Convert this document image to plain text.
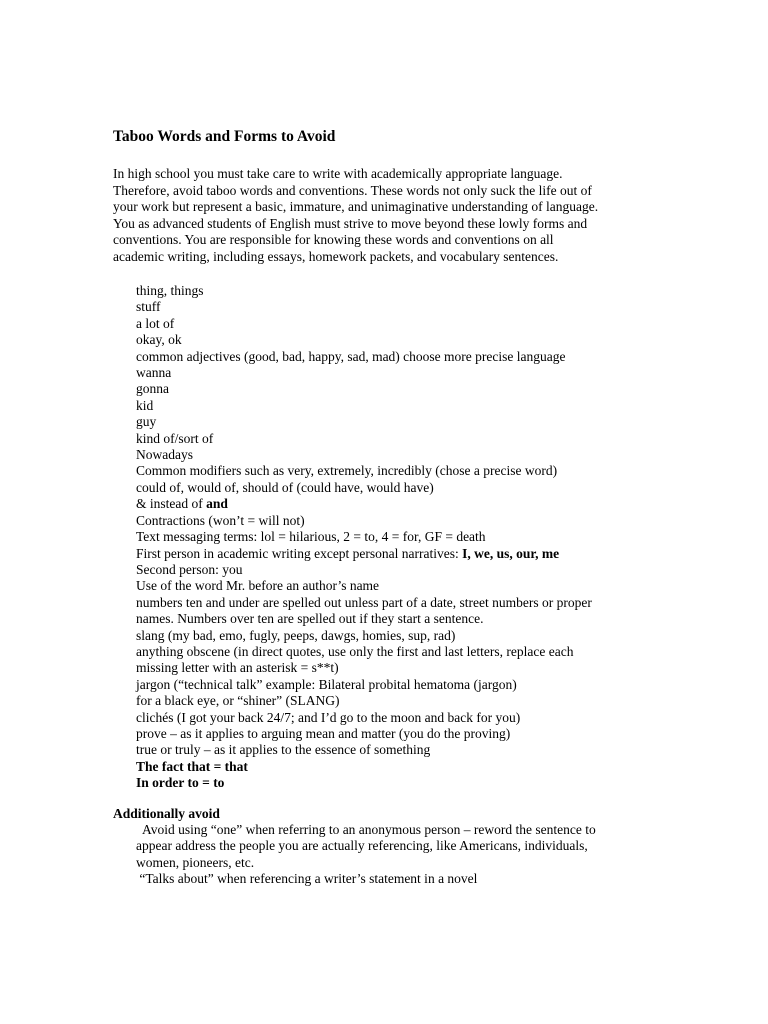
Taboo Words and Forms to Avoid
In high school you must take care to write with academically appropriate language.
Therefore, avoid taboo words and conventions. These words not only suck the life out of
your work but represent a basic, immature, and unimaginative understanding of language.
You as advanced students of English must strive to move beyond these lowly forms and
conventions. You are responsible for knowing these words and conventions on all
academic writing, including essays, homework packets, and vocabulary sentences.
thing, things
stuff
a lot of
okay, ok
common adjectives (good, bad, happy, sad, mad) choose more precise language
wanna
gonna
kid
guy
kind of/sort of
Nowadays
Common modifiers such as very, extremely, incredibly (chose a precise word)
could of, would of, should of (could have, would have)
& instead of and
Contractions (won’t = will not)
Text messaging terms: lol = hilarious, 2 = to, 4 = for, GF = death
First person in academic writing except personal narratives: I, we, us, our, me
Second person: you
Use of the word Mr. before an author’s name
numbers ten and under are spelled out unless part of a date, street numbers or proper
names. Numbers over ten are spelled out if they start a sentence.
slang (my bad, emo, fugly, peeps, dawgs, homies, sup, rad)
anything obscene (in direct quotes, use only the first and last letters, replace each
missing letter with an asterisk = s**t)
jargon (“technical talk” example: Bilateral probital hematoma (jargon)
for a black eye, or “shiner” (SLANG)
clichés (I got your back 24/7; and I’d go to the moon and back for you)
prove – as it applies to arguing mean and matter (you do the proving)
true or truly – as it applies to the essence of something
The fact that = that
In order to = to
Additionally avoid
Avoid using “one” when referring to an anonymous person – reword the sentence to
appear address the people you are actually referencing, like Americans, individuals,
women, pioneers, etc.
“Talks about” when referencing a writer’s statement in a novel
